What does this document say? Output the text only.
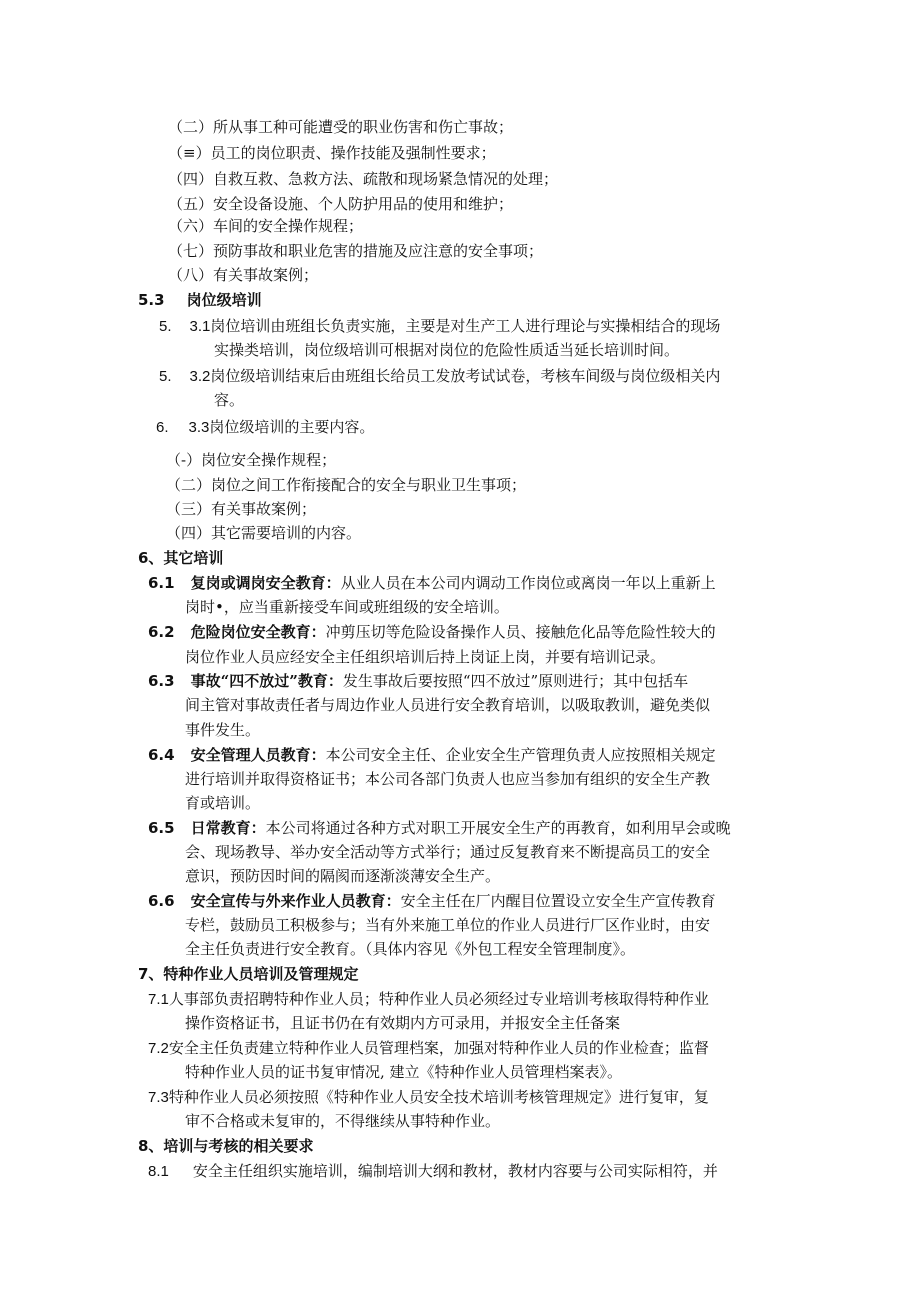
（二）所从事工种可能遭受的职业伤害和伤亡事故；
（≡）员工的岗位职责、操作技能及强制性要求；
（四）自救互救、急救方法、疏散和现场紧急情况的处理；
（五）安全设备设施、个人防护用品的使用和维护；
（六）车间的安全操作规程；
（七）预防事故和职业危害的措施及应注意的安全事项；
（八）有关事故案例；
5.3 岗位级培训
5. 3.1岗位培训由班组长负责实施，主要是对生产工人进行理论与实操相结合的现场
实操类培训，岗位级培训可根据对岗位的危险性质适当延长培训时间。
5. 3.2岗位级培训结束后由班组长给员工发放考试试卷，考核车间级与岗位级相关内
容。
6. 3.3岗位级培训的主要内容。
（-）岗位安全操作规程；
（二）岗位之间工作衔接配合的安全与职业卫生事项；
（三）有关事故案例；
（四）其它需要培训的内容。
6、其它培训
6.1 复岗或调岗安全教育：从业人员在本公司内调动工作岗位或离岗一年以上重新上
岗时•，应当重新接受车间或班组级的安全培训。
6.2 危险岗位安全教育：冲剪压切等危险设备操作人员、接触危化品等危险性较大的
岗位作业人员应经安全主任组织培训后持上岗证上岗，并要有培训记录。
6.3 事故“四不放过”教育：发生事故后要按照“四不放过”原则进行；其中包括车
间主管对事故责任者与周边作业人员进行安全教育培训，以吸取教训，避免类似
事件发生。
6.4 安全管理人员教育：本公司安全主任、企业安全生产管理负责人应按照相关规定
进行培训并取得资格证书；本公司各部门负责人也应当参加有组织的安全生产教
育或培训。
6.5 日常教育：本公司将通过各种方式对职工开展安全生产的再教育，如利用早会或晚
会、现场教导、举办安全活动等方式举行；通过反复教育来不断提高员工的安全
意识，预防因时间的隔阂而逐渐淡薄安全生产。
6.6 安全宣传与外来作业人员教育：安全主任在厂内醒目位置设立安全生产宣传教育
专栏，鼓励员工积极参与；当有外来施工单位的作业人员进行厂区作业时，由安
全主任负责进行安全教育。（具体内容见《外包工程安全管理制度》。
7、特种作业人员培训及管理规定
7.1人事部负责招聘特种作业人员；特种作业人员必须经过专业培训考核取得特种作业
操作资格证书，且证书仍在有效期内方可录用，并报安全主任备案
7.2安全主任负责建立特种作业人员管理档案，加强对特种作业人员的作业检查；监督
特种作业人员的证书复审情况, 建立《特种作业人员管理档案表》。
7.3特种作业人员必须按照《特种作业人员安全技术培训考核管理规定》进行复审，复
审不合格或未复审的，不得继续从事特种作业。
8、培训与考核的相关要求
8.1 安全主任组织实施培训，编制培训大纲和教材，教材内容要与公司实际相符，并
